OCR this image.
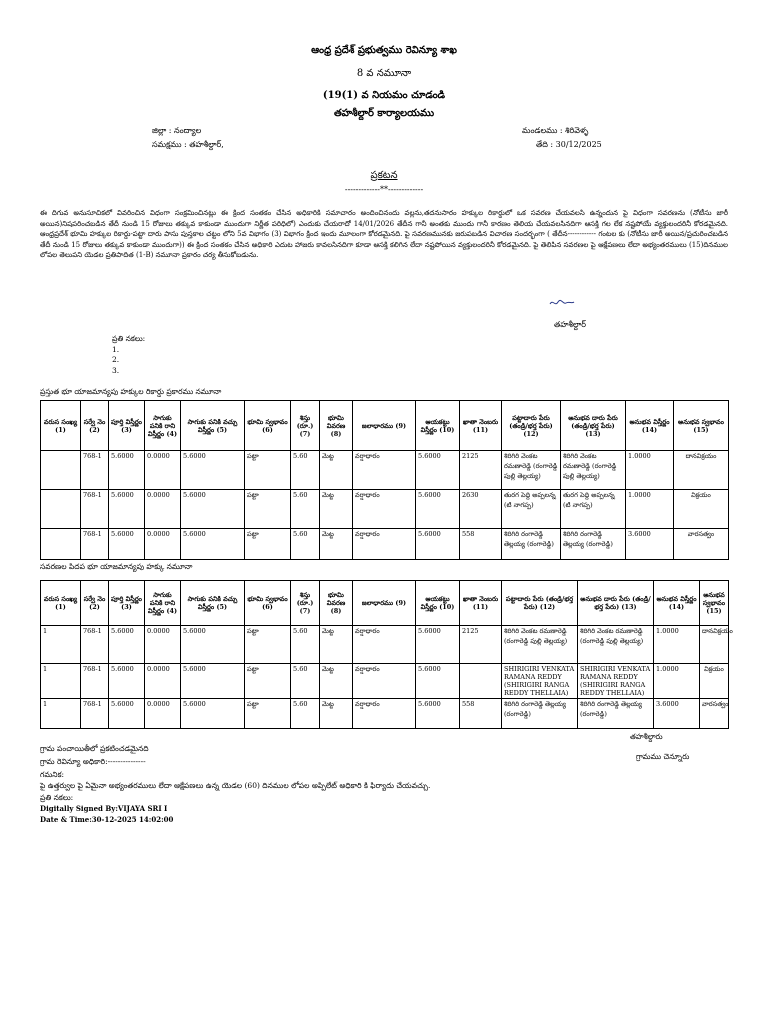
ఆంధ్ర ప్రదేశ్ ప్రభుత్వము రెవిన్యూ శాఖ
8 వ నమూనా
(19(1) వ నియమం చూడండి
తహశీల్దార్ కార్యాలయము
జిల్లా : నంద్యాల
సమక్షము : తహశీల్దార్,
మండలము : శిరివెళ్ళ
తేది : 30/12/2025
ప్రకటన
-------------**-------------
ఈ దిగువ అనుసూచికలో వివరించిన విధంగా సంక్రమించినట్లు ఈ క్రింద సంతకం చేసిన అధికారికి సమాచారం అందించినందు వల్లను,తదనుసారం హక్కుల రికార్డులో ఒక సవరణ చేయవలసి ఉన్నందున పై విధంగా సవరణను (నోటీసు జారీ అయిన)నిషపరించబడిన తేదీ నుండి 15 రోజులు తక్కువ కాకుండా ముందుగా నిర్ణీత పరిధిలో) ఎందుకు చేయరాదో 14/01/2026 తేదీన గానీ అంతకు ముందు గానీ కారణం తెలియ చేయవలసినదిగా ఆసక్తి గల లేక నష్టపోయే వ్యక్తులందరినీ కోరడమైనది. ఆంధ్రప్రదేశ్ భూమి హక్కుల రికార్డు-పట్టా దారు పాసు పుస్తకాల చట్టం లోని 5వ విభాగం (3) విభాగం క్రింద ఇందు మూలంగా కోరడమైనది. పై సవరణమునకు జరుపబడిన విచారణ సందర్భంగా ( తేదీన------------ గంటల కు (నోటీసు జారీ అయిన/ప్రచురించబడిన తేదీ నుండి 15 రోజులు తక్కువ కాకుండా ముందుగా)) ఈ క్రింద సంతకం చేసిన అధికారి ఎదుట హాజరు కావలసినదిగా కూడా ఆసక్తి కలిగిన లేదా నష్టపోయిన వ్యక్తులందరినీ కోరడమైనది. పై తెలిపిన సవరణల పై ఆక్షేపణలు లేదా అభ్యంతరములు (15)దినముల లోపల తెలుపని యెడల ప్రతిపాదిత (1-B) నమూనా ప్రకారం చర్య తీసుకోబడును.
తహశీల్దార్
ప్రతి నకలు:
1.
2.
3.
ప్రస్తుత భూ యాజమాన్యపు హక్కుల రికార్డు ప్రకారము నమూనా
వరుస సంఖ్య (1)	సర్వే నెం (2)	పూర్తి విస్తీర్ణం (3)	సాగుకు పనికి రాని విస్తీర్ణం (4)	సాగుకు పనికి వచ్చు విస్తీర్ణం (5)	భూమి స్వభావం (6)	శిస్తు (రూ.) (7)	భూమి వివరణ (8)	జలాధారము (9)	ఆయకట్టు విస్తీర్ణం (10)	ఖాతా నెంబరు (11)	పట్టాదారు పేరు (తండ్రి/భర్త పేరు) (12)	అనుభవ దారు పేరు (తండ్రి/భర్త పేరు) (13)	అనుభవ విస్తీర్ణం (14)	అనుభవ స్వభావం (15)
	768-1	5.6000	0.0000	5.6000	పట్టా	5.60	మెట్ట	వర్షాధారం	5.6000	2125	శిరిగిరి వెంకట రమణారెడ్డి (రంగారెడ్డి పుల్లి తెల్లయ్య)	శిరిగిరి వెంకట రమణారెడ్డి (రంగారెడ్డి పుల్లి తెల్లయ్య)	1.0000	దానవిక్రయం
	768-1	5.6000	0.0000	5.6000	పట్టా	5.60	మెట్ట	వర్షాధారం	5.6000	2630	తురగ పెద్ది అప్పలన్న (టి నాగప్ప)	తురగ పెద్ది అప్పలన్న (టి నాగప్ప)	1.0000	విక్రయం
	768-1	5.6000	0.0000	5.6000	పట్టా	5.60	మెట్ట	వర్షాధారం	5.6000	558	శిరిగిరి రంగారెడ్డి తెల్లయ్య (రంగారెడ్డి)	శిరిగిరి రంగారెడ్డి తెల్లయ్య (రంగారెడ్డి)	3.6000	వారసత్వం
సవరణల పిదప భూ యాజమాన్యపు హక్కు నమూనా
వరుస సంఖ్య (1)	సర్వే నెం (2)	పూర్తి విస్తీర్ణం (3)	సాగుకు పనికి రాని విస్తీర్ణం (4)	సాగుకు పనికి వచ్చు విస్తీర్ణం (5)	భూమి స్వభావం (6)	శిస్తు (రూ.) (7)	భూమి వివరణ (8)	జలాధారము (9)	ఆయకట్టు విస్తీర్ణం (10)	ఖాతా నెంబరు (11)	పట్టాదారు పేరు (తండ్రి/భర్త పేరు) (12)	అనుభవ దారు పేరు (తండ్రి/భర్త పేరు) (13)	అనుభవ విస్తీర్ణం (14)	అనుభవ స్వభావం (15)
1	768-1	5.6000	0.0000	5.6000	పట్టా	5.60	మెట్ట	వర్షాధారం	5.6000	2125	శిరిగిరి వెంకట రమణారెడ్డి (రంగారెడ్డి పుల్లి తెల్లయ్య)	శిరిగిరి వెంకట రమణారెడ్డి (రంగారెడ్డి పుల్లి తెల్లయ్య)	1.0000	దానవిక్రయం
1	768-1	5.6000	0.0000	5.6000	పట్టా	5.60	మెట్ట	వర్షాధారం	5.6000		SHIRIGIRI VENKATA RAMANA REDDY (SHIRIGIRI RANGA REDDY THELLAIA)	SHIRIGIRI VENKATA RAMANA REDDY (SHIRIGIRI RANGA REDDY THELLAIA)	1.0000	విక్రయం
1	768-1	5.6000	0.0000	5.6000	పట్టా	5.60	మెట్ట	వర్షాధారం	5.6000	558	శిరిగిరి రంగారెడ్డి తెల్లయ్య (రంగారెడ్డి)	శిరిగిరి రంగారెడ్డి తెల్లయ్య (రంగారెడ్డి)	3.6000	వారసత్వం
తహశీల్దారు
గ్రామ పంచాయితీలో ప్రకటించడమైనది
గ్రామము చెన్నూరు
గ్రామ రెవిన్యూ అధికారి:---------------
గమనిక:
పై ఉత్తర్వుల పై ఏమైనా అభ్యంతరములు లేదా ఆక్షేపణలు ఉన్న యెడల (60) దినముల లోపల అప్పిలేట్ అధికారి కి ఫిర్యాదు చేయవచ్చు.
ప్రతి నకలు:
Digitally Signed By:VIJAYA SRI I
Date & Time:30-12-2025 14:02:00
